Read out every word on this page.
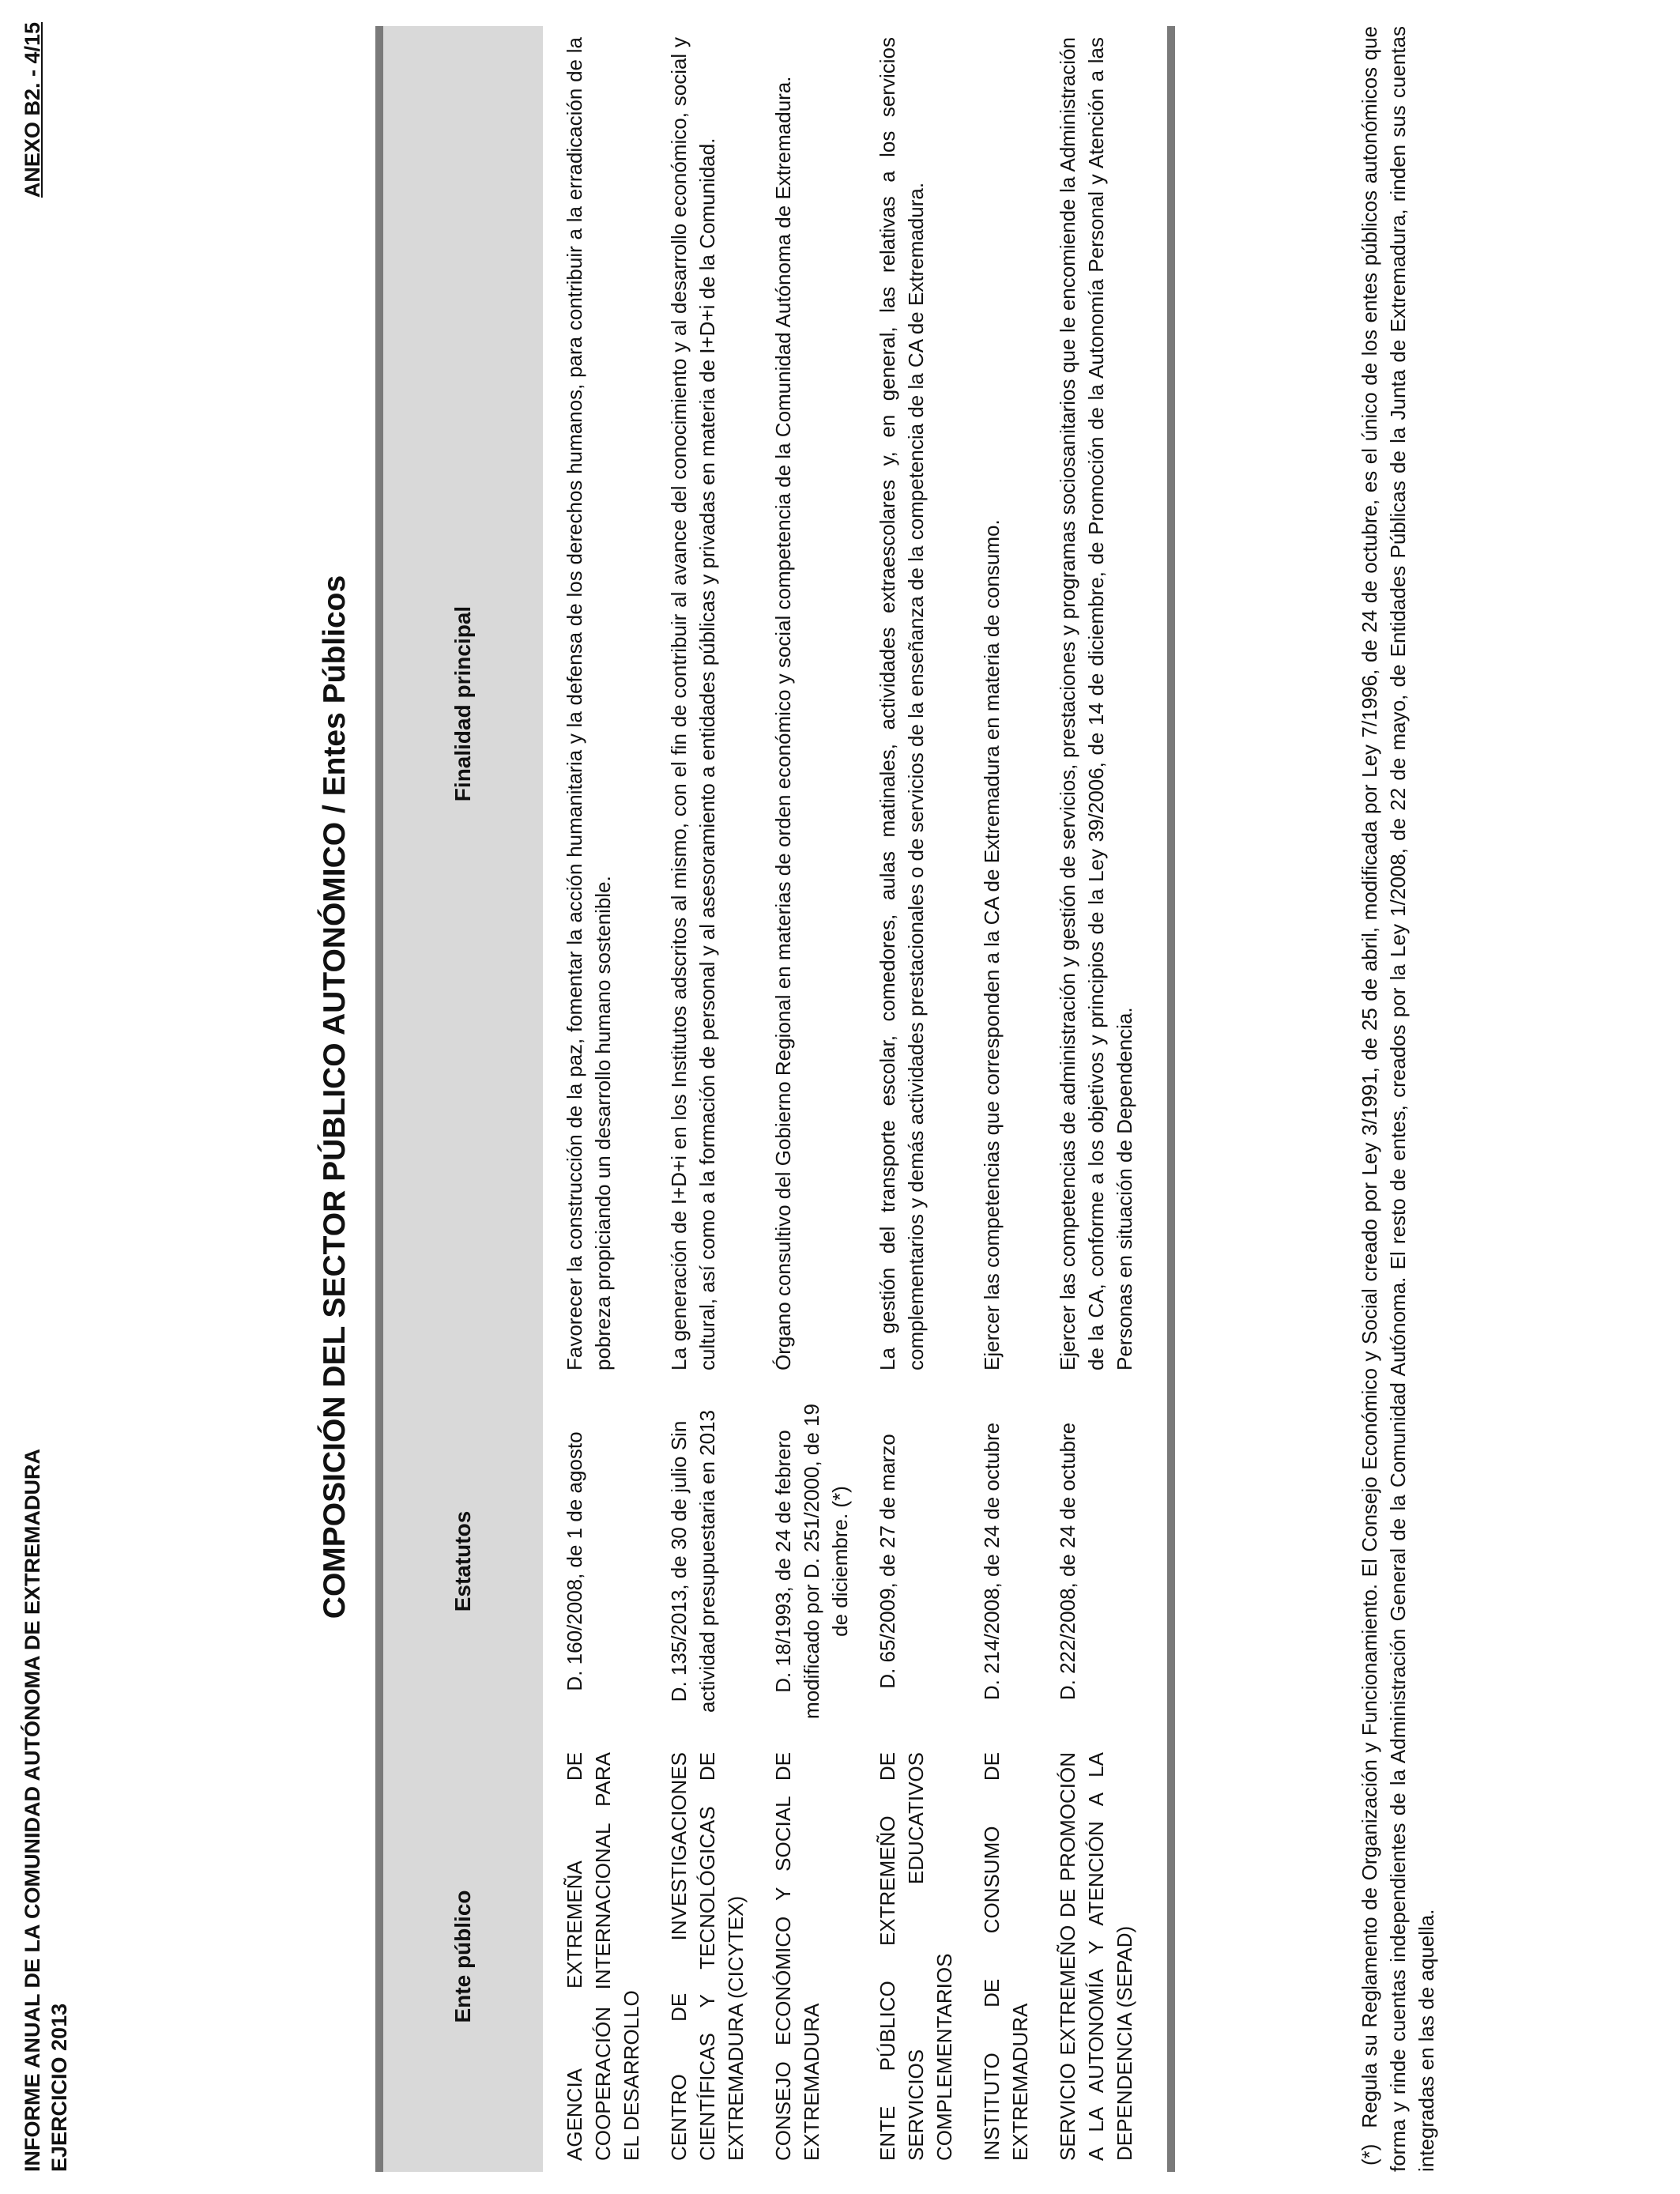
INFORME ANUAL DE LA COMUNIDAD AUTÓNOMA DE EXTREMADURA EJERCICIO 2013
ANEXO B2. - 4/15
COMPOSICIÓN DEL SECTOR PÚBLICO AUTONÓMICO / Entes Públicos
Ente público	Estatutos	Finalidad principal
AGENCIA EXTREMEÑA DE COOPERACIÓN INTERNACIONAL PARA EL DESARROLLO	D. 160/2008, de 1 de agosto	Favorecer la construcción de la paz, fomentar la acción humanitaria y la defensa de los derechos humanos, para contribuir a la erradicación de la pobreza propiciando un desarrollo humano sostenible.
CENTRO DE INVESTIGACIONES CIENTÍFICAS Y TECNOLÓGICAS DE EXTREMADURA (CICYTEX)	D. 135/2013, de 30 de julio Sin actividad presupuestaria en 2013	La generación de I+D+i en los Institutos adscritos al mismo, con el fin de contribuir al avance del conocimiento y al desarrollo económico, social y cultural, así como a la formación de personal y al asesoramiento a entidades públicas y privadas en materia de I+D+i de la Comunidad.
CONSEJO ECONÓMICO Y SOCIAL DE EXTREMADURA	D. 18/1993, de 24 de febrero modificado por D. 251/2000, de 19 de diciembre. (*)	Órgano consultivo del Gobierno Regional en materias de orden económico y social competencia de la Comunidad Autónoma de Extremadura.
ENTE PÚBLICO EXTREMEÑO DE SERVICIOS EDUCATIVOS COMPLEMENTARIOS	D. 65/2009, de 27 de marzo	La gestión del transporte escolar, comedores, aulas matinales, actividades extraescolares y, en general, las relativas a los servicios complementarios y demás actividades prestacionales o de servicios de la enseñanza de la competencia de la CA de Extremadura.
INSTITUTO DE CONSUMO DE EXTREMADURA	D. 214/2008, de 24 de octubre	Ejercer las competencias que corresponden a la CA de Extremadura en materia de consumo.
SERVICIO EXTREMEÑO DE PROMOCIÓN A LA AUTONOMÍA Y ATENCIÓN A LA DEPENDENCIA (SEPAD)	D. 222/2008, de 24 de octubre	Ejercer las competencias de administración y gestión de servicios, prestaciones y programas sociosanitarios que le encomiende la Administración de la CA, conforme a los objetivos y principios de la Ley 39/2006, de 14 de diciembre, de Promoción de la Autonomía Personal y Atención a las Personas en situación de Dependencia.
(*)Regula su Reglamento de Organización y Funcionamiento. El Consejo Económico y Social creado por Ley 3/1991, de 25 de abril, modificada por Ley 7/1996, de 24 de octubre, es el único de los entes públicos autonómicos que forma y rinde cuentas independientes de la Administración General de la Comunidad Autónoma. El resto de entes, creados por la Ley 1/2008, de 22 de mayo, de Entidades Públicas de la Junta de Extremadura, rinden sus cuentas integradas en las de aquella.
